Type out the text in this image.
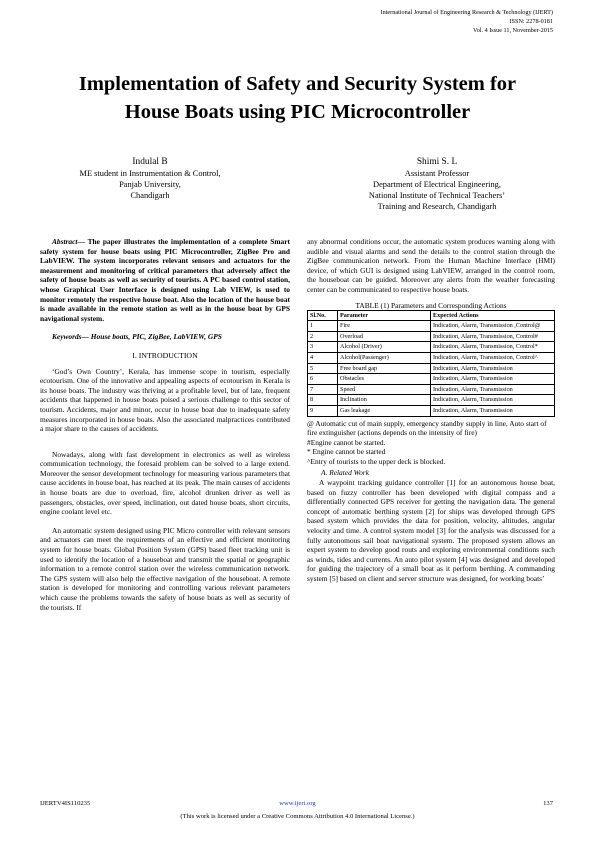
International Journal of Engineering Research & Technology (IJERT)
ISSN: 2278-0181
Vol. 4 Issue 11, November-2015
Implementation of Safety and Security System for
House Boats using PIC Microcontroller
Indulal B
ME student in Instrumentation & Control,
Panjab University,
Chandigarh
Shimi S. L
Assistant Professor
Department of Electrical Engineering,
National Institute of Technical Teachers’
Training and Research, Chandigarh

Abstract— The paper illustrates the implementation of a complete Smart safety system for house boats using PIC Microcontroller, ZigBee Pro and LabVIEW. The system incorporates relevant sensors and actuators for the measurement and monitoring of critical parameters that adversely affect the safety of house boats as well as security of tourists. A PC based control station, whose Graphical User Interface is designed using Lab VIEW, is used to monitor remotely the respective house boat. Also the location of the house boat is made available in the remote station as well as in the house boat by GPS navigational system.

Keywords— House boats, PIC, ZigBee, LabVIEW, GPS

I. INTRODUCTION

‘God’s Own Country’, Kerala, has immense scope in tourism, especially ecotourism. One of the innovative and appealing aspects of ecotourism in Kerala is its house boats. The industry was thriving at a profitable level, but of late, frequent accidents that happened in house boats poised a serious challenge to this sector of tourism. Accidents, major and minor, occur in house boat due to inadequate safety measures incorporated in house boats. Also the associated malpractices contributed a major share to the causes of accidents.

Nowadays, along with fast development in electronics as well as wireless communication technology, the foresaid problem can be solved to a large extend. Moreover the sensor development technology for measuring various parameters that cause accidents in house boat, has reached at its peak. The main causes of accidents in house boats are due to overload, fire, alcohol drunken driver as well as passengers, obstacles, over speed, inclination, out dated house boats, short circuits, engine coolant level etc.

An automatic system designed using PIC Micro controller with relevant sensors and actuators can meet the requirements of an effective and efficient monitoring system for house boats. Global Position System (GPS) based fleet tracking unit is used to identify the location of a houseboat and transmit the spatial or geographic information to a remote control station over the wireless communication network. The GPS system will also help the effective navigation of the houseboat. A remote station is developed for monitoring and controlling various relevant parameters which cause the problems towards the safety of house boats as well as security of the tourists. If

any abnormal conditions occur, the automatic system produces warning along with audible and visual alarms and send the details to the control station through the ZigBee communication network. From the Human Machine Interface (HMI) device, of which GUI is designed using LabVIEW, arranged in the control room, the houseboat can be guided. Moreover any alerts from the weather forecasting center can be communicated to respective house boats.

TABLE (1) Parameters and Corresponding Actions
Sl.No.	Parameter	Expected Actions
1	Fire	Indication, Alarm, Transmission ,Control@
2	Overload	Indication, Alarm, Transmission, Control#
3	Alcohol (Driver)	Indication, Alarm, Transmission, Control*
4	Alcohol(Passenger)	Indication, Alarm, Transmission, Control^
5	Free board gap	Indication, Alarm, Transmission
6	Obstacles	Indication, Alarm, Transmission
7	Speed	Indication, Alarm, Transmission
8	Inclination	Indication, Alarm, Transmission
9	Gas leakage	Indication, Alarm, Transmission

@ Automatic cut of main supply, emergency standby supply in line, Auto start of fire extinguisher (actions depends on the intensity of fire)

#Engine cannot be started.

* Engine cannot be started

^Entry of tourists to the upper deck is blocked.

A. Related Work

A waypoint tracking guidance controller [1] for an autonomous house boat, based on fuzzy controller has been developed with digital compass and a differentially connected GPS receiver for getting the navigation data. The general concept of automatic berthing system [2] for ships was developed through GPS based system which provides the data for position, velocity, altitudes, angular velocity and time. A control system model [3] for the analysis was discussed for a fully autonomous sail boat navigational system. The proposed system allows an expert system to develop good routs and exploring environmental conditions such as winds, tides and currents. An auto pilot system [4] was designed and developed for guiding the trajectory of a small boat as it perform berthing. A commanding system [5] based on client and server structure was designed, for working boats’

IJERTV4IS110235	www.ijert.org	137
(This work is licensed under a Creative Commons Attribution 4.0 International License.)
